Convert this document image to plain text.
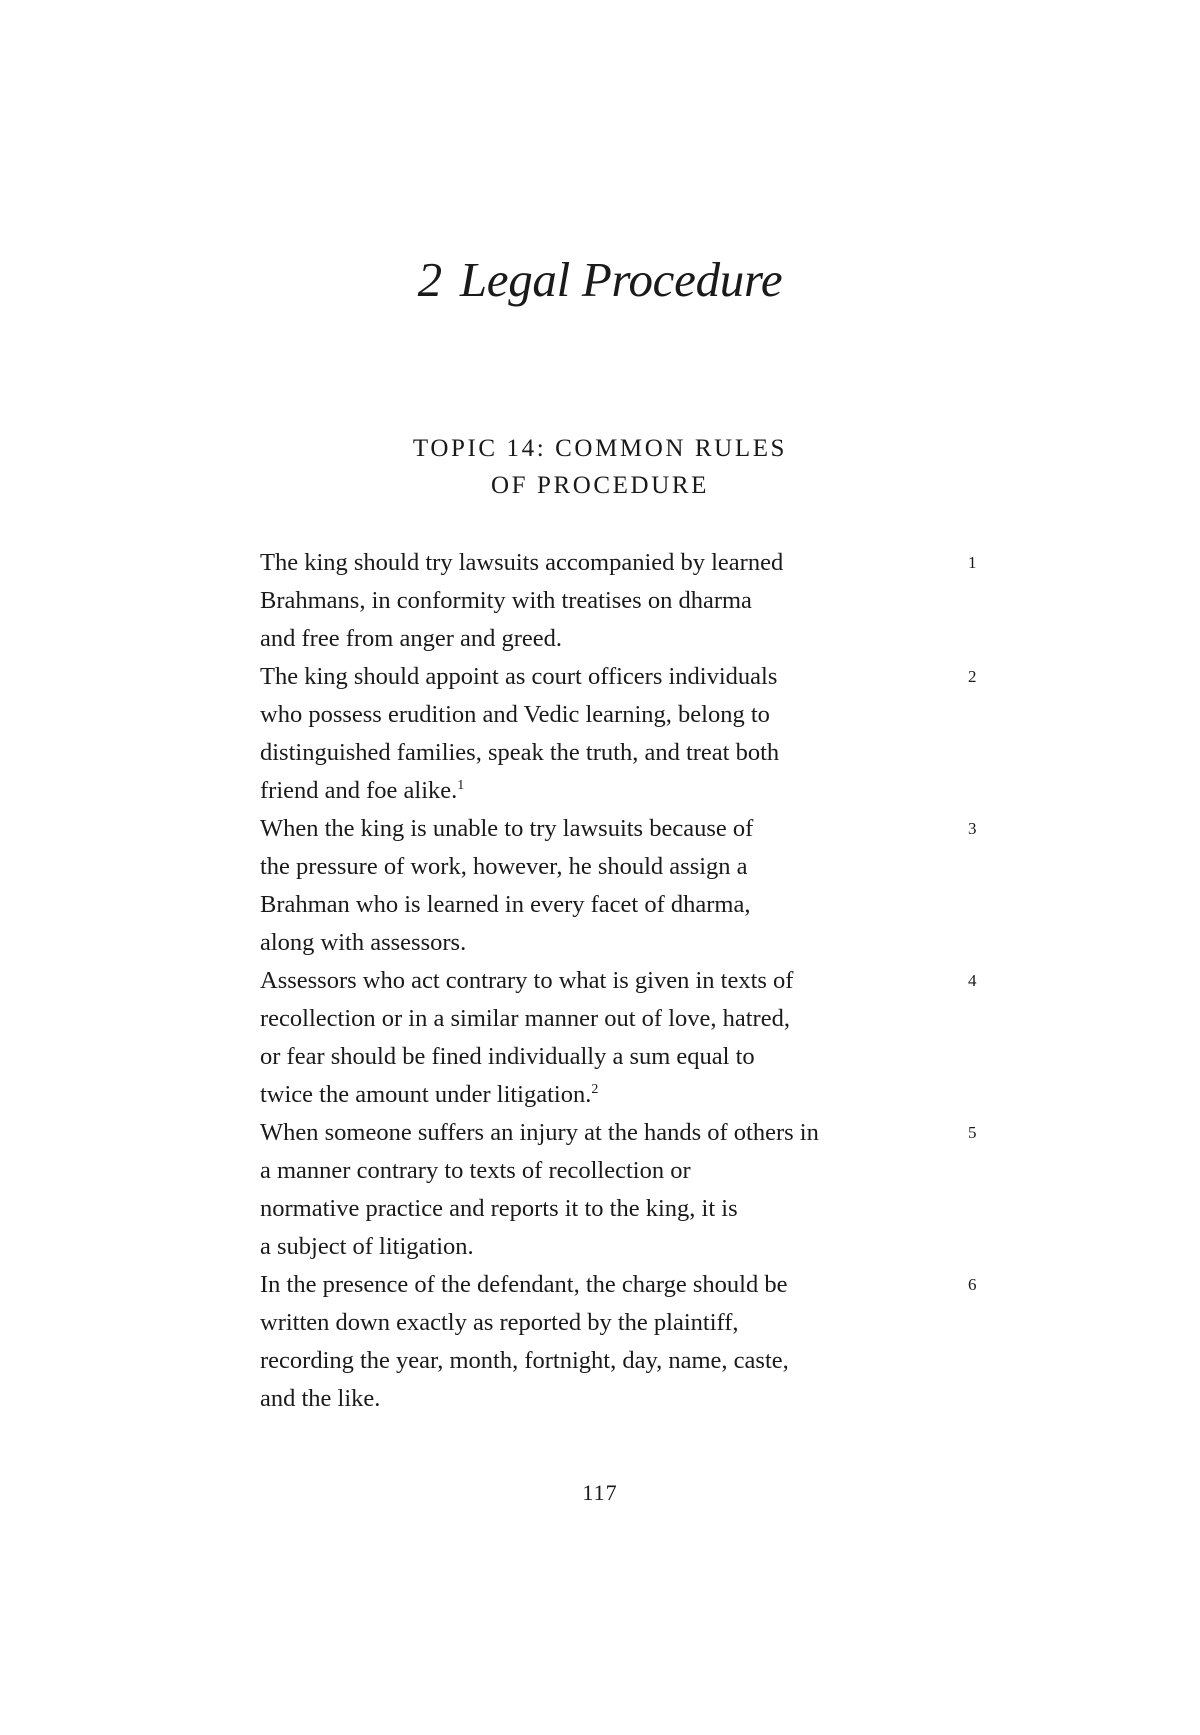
2 Legal Procedure
TOPIC 14: COMMON RULES
OF PROCEDURE
The king should try lawsuits accompanied by learned
Brahmans, in conformity with treatises on dharma
and free from anger and greed.
1
The king should appoint as court officers individuals
who possess erudition and Vedic learning, belong to
distinguished families, speak the truth, and treat both
friend and foe alike.$^1$
2
When the king is unable to try lawsuits because of
the pressure of work, however, he should assign a
Brahman who is learned in every facet of dharma,
along with assessors.
3
Assessors who act contrary to what is given in texts of
recollection or in a similar manner out of love, hatred,
or fear should be fined individually a sum equal to
twice the amount under litigation.$^2$
4
When someone suffers an injury at the hands of others in
a manner contrary to texts of recollection or
normative practice and reports it to the king, it is
a subject of litigation.
5
In the presence of the defendant, the charge should be
written down exactly as reported by the plaintiff,
recording the year, month, fortnight, day, name, caste,
and the like.
6
117
